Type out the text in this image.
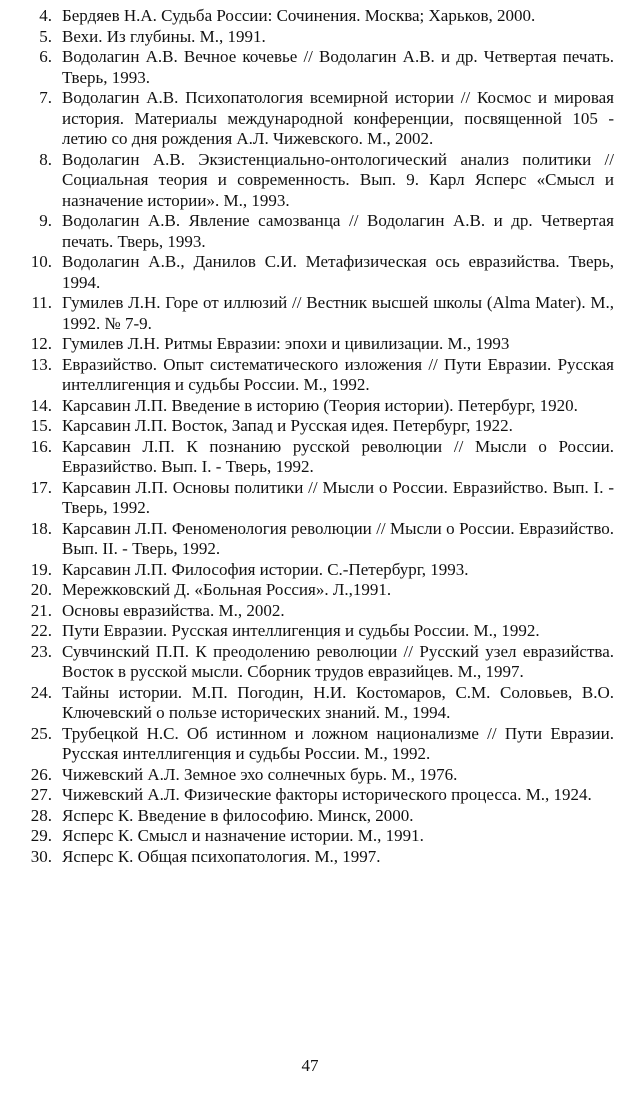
4. Бердяев Н.А. Судьба России: Сочинения. Москва; Харьков, 2000.
5. Вехи. Из глубины. М., 1991.
6. Водолагин А.В. Вечное кочевье // Водолагин А.В. и др. Четвертая печать. Тверь, 1993.
7. Водолагин А.В. Психопатология всемирной истории // Космос и мировая история. Материалы международной конференции, посвященной 105 - летию со дня рождения А.Л. Чижевского. М., 2002.
8. Водолагин А.В. Экзистенциально-онтологический анализ политики // Социальная теория и современность. Вып. 9. Карл Ясперс «Смысл и назначение истории». М., 1993.
9. Водолагин А.В. Явление самозванца // Водолагин А.В. и др. Четвертая печать. Тверь, 1993.
10. Водолагин А.В., Данилов С.И. Метафизическая ось евразийства. Тверь, 1994.
11. Гумилев Л.Н. Горе от иллюзий // Вестник высшей школы (Alma Mater). М., 1992. № 7-9.
12. Гумилев Л.Н. Ритмы Евразии: эпохи и цивилизации. М., 1993
13. Евразийство. Опыт систематического изложения // Пути Евразии. Русская интеллигенция и судьбы России. М., 1992.
14. Карсавин Л.П. Введение в историю (Теория истории). Петербург, 1920.
15. Карсавин Л.П. Восток, Запад и Русская идея. Петербург, 1922.
16. Карсавин Л.П. К познанию русской революции // Мысли о России. Евразийство. Вып. I. - Тверь, 1992.
17. Карсавин Л.П. Основы политики // Мысли о России. Евразийство. Вып. I. - Тверь, 1992.
18. Карсавин Л.П. Феноменология революции // Мысли о России. Евразийство. Вып. II. - Тверь, 1992.
19. Карсавин Л.П. Философия истории. С.-Петербург, 1993.
20. Мережковский Д. «Больная Россия». Л.,1991.
21. Основы евразийства. М., 2002.
22. Пути Евразии. Русская интеллигенция и судьбы России. М., 1992.
23. Сувчинский П.П. К преодолению революции // Русский узел евразийства. Восток в русской мысли. Сборник трудов евразийцев. М., 1997.
24. Тайны истории. М.П. Погодин, Н.И. Костомаров, С.М. Соловьев, В.О. Ключевский о пользе исторических знаний. М., 1994.
25. Трубецкой Н.С. Об истинном и ложном национализме // Пути Евразии. Русская интеллигенция и судьбы России. М., 1992.
26. Чижевский А.Л. Земное эхо солнечных бурь. М., 1976.
27. Чижевский А.Л. Физические факторы исторического процесса. М., 1924.
28. Ясперс К. Введение в философию. Минск, 2000.
29. Ясперс К. Смысл и назначение истории. М., 1991.
30. Ясперс К. Общая психопатология. М., 1997.
47
